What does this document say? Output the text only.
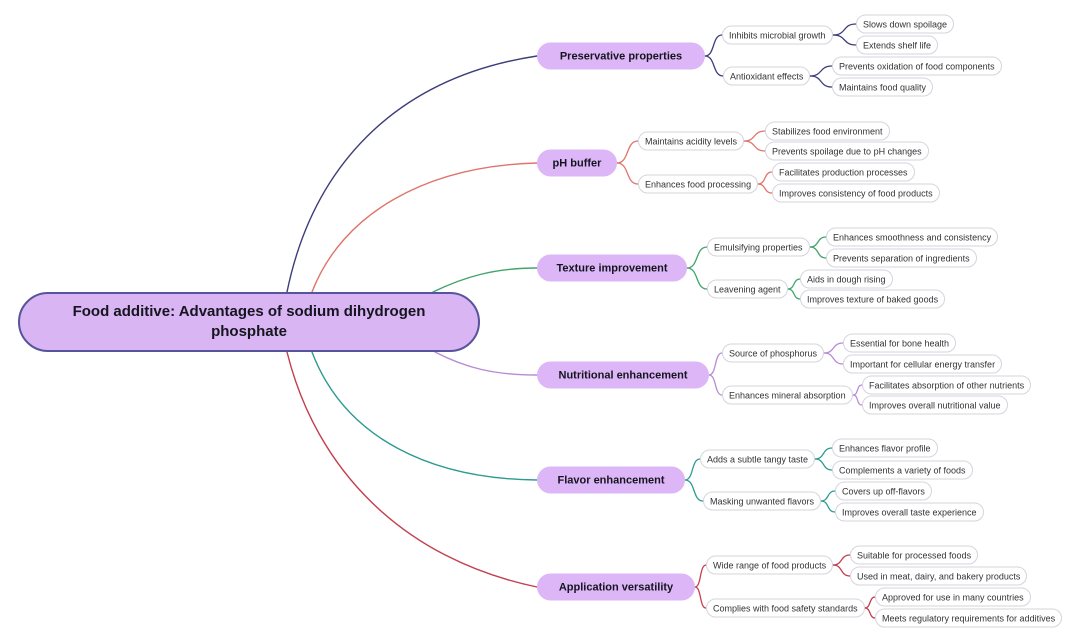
Food additive: Advantages of sodium dihydrogen phosphate
Preservative properties
Inhibits microbial growth
Slows down spoilage
Extends shelf life
Antioxidant effects
Prevents oxidation of food components
Maintains food quality
pH buffer
Maintains acidity levels
Stabilizes food environment
Prevents spoilage due to pH changes
Enhances food processing
Facilitates production processes
Improves consistency of food products
Texture improvement
Emulsifying properties
Enhances smoothness and consistency
Prevents separation of ingredients
Leavening agent
Aids in dough rising
Improves texture of baked goods
Nutritional enhancement
Source of phosphorus
Essential for bone health
Important for cellular energy transfer
Enhances mineral absorption
Facilitates absorption of other nutrients
Improves overall nutritional value
Flavor enhancement
Adds a subtle tangy taste
Enhances flavor profile
Complements a variety of foods
Masking unwanted flavors
Covers up off-flavors
Improves overall taste experience
Application versatility
Wide range of food products
Suitable for processed foods
Used in meat, dairy, and bakery products
Complies with food safety standards
Approved for use in many countries
Meets regulatory requirements for additives
